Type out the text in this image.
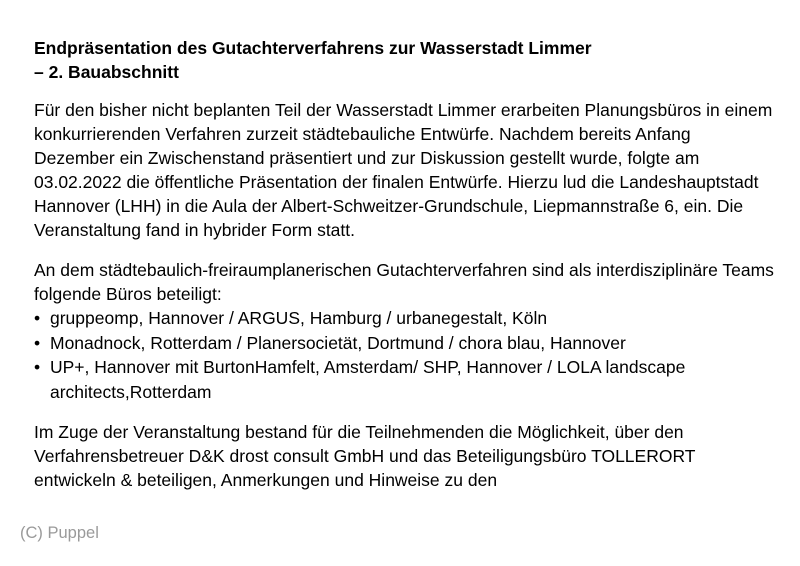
Endpräsentation des Gutachterverfahrens zur Wasserstadt Limmer
– 2. Bauabschnitt

Für den bisher nicht beplanten Teil der Wasserstadt Limmer erarbeiten Planungsbüros in einem konkurrierenden Verfahren zurzeit städtebauliche Entwürfe. Nachdem bereits Anfang Dezember ein Zwischenstand präsentiert und zur Diskussion gestellt wurde, folgte am 03.02.2022 die öffentliche Präsentation der finalen Entwürfe. Hierzu lud die Landeshauptstadt Hannover (LHH) in die Aula der Albert-Schweitzer-Grundschule, Liepmannstraße 6, ein. Die Veranstaltung fand in hybrider Form statt.

An dem städtebaulich-freiraumplanerischen Gutachterverfahren sind als interdisziplinäre Teams folgende Büros beteiligt:

• gruppeomp, Hannover / ARGUS, Hamburg / urbanegestalt, Köln
• Monadnock, Rotterdam / Planersocietät, Dortmund / chora blau, Hannover
• UP+, Hannover mit BurtonHamfelt, Amsterdam/ SHP, Hannover / LOLA landscape architects,Rotterdam

Im Zuge der Veranstaltung bestand für die Teilnehmenden die Möglichkeit, über den Verfahrensbetreuer D&K drost consult GmbH und das Beteiligungsbüro TOLLERORT entwickeln & beteiligen, Anmerkungen und Hinweise zu den

(C) Puppel
